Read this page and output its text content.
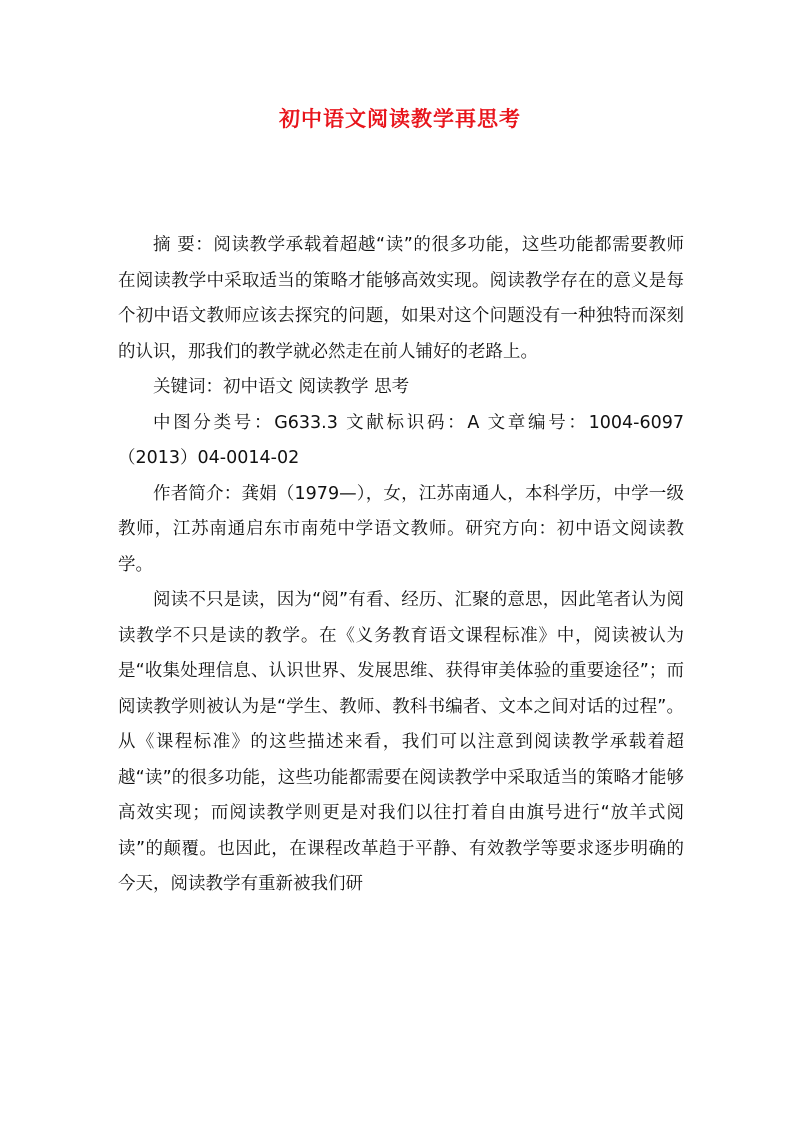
初中语文阅读教学再思考

摘 要：阅读教学承载着超越“读”的很多功能，这些功能都需要教师在阅读教学中采取适当的策略才能够高效实现。阅读教学存在的意义是每个初中语文教师应该去探究的问题，如果对这个问题没有一种独特而深刻的认识，那我们的教学就必然走在前人铺好的老路上。

关键词：初中语文 阅读教学 思考

中图分类号：G633.3 文献标识码：A 文章编号：1004-6097（2013）04-0014-02

作者简介：龚娟（1979—），女，江苏南通人，本科学历，中学一级教师，江苏南通启东市南苑中学语文教师。研究方向：初中语文阅读教学。

阅读不只是读，因为“阅”有看、经历、汇聚的意思，因此笔者认为阅读教学不只是读的教学。在《义务教育语文课程标准》中，阅读被认为是“收集处理信息、认识世界、发展思维、获得审美体验的重要途径”；而阅读教学则被认为是“学生、教师、教科书编者、文本之间对话的过程”。从《课程标准》的这些描述来看，我们可以注意到阅读教学承载着超越“读”的很多功能，这些功能都需要在阅读教学中采取适当的策略才能够高效实现；而阅读教学则更是对我们以往打着自由旗号进行“放羊式阅读”的颠覆。也因此，在课程改革趋于平静、有效教学等要求逐步明确的今天，阅读教学有重新被我们研
